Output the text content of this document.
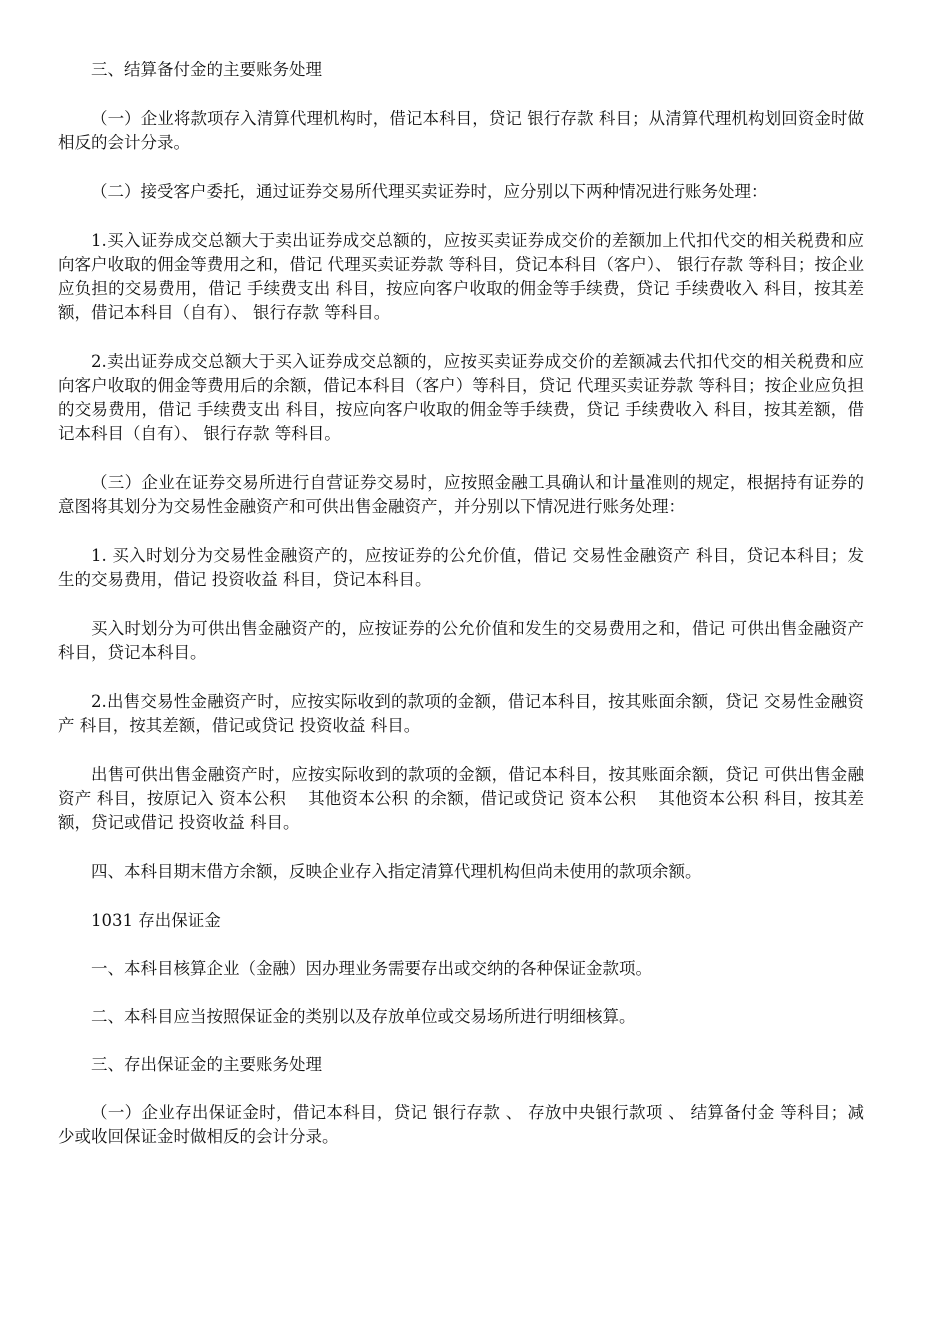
三、结算备付金的主要账务处理

（一）企业将款项存入清算代理机构时，借记本科目，贷记 银行存款 科目；从清算代理机构划回资金时做相反的会计分录。

（二）接受客户委托，通过证券交易所代理买卖证券时，应分别以下两种情况进行账务处理：

1.买入证券成交总额大于卖出证券成交总额的，应按买卖证券成交价的差额加上代扣代交的相关税费和应向客户收取的佣金等费用之和，借记 代理买卖证券款 等科目，贷记本科目（客户）、 银行存款 等科目；按企业应负担的交易费用，借记 手续费支出 科目，按应向客户收取的佣金等手续费，贷记 手续费收入 科目，按其差额，借记本科目（自有）、 银行存款 等科目。

2.卖出证券成交总额大于买入证券成交总额的，应按买卖证券成交价的差额减去代扣代交的相关税费和应向客户收取的佣金等费用后的余额，借记本科目（客户）等科目，贷记 代理买卖证券款 等科目；按企业应负担的交易费用，借记 手续费支出 科目，按应向客户收取的佣金等手续费，贷记 手续费收入 科目，按其差额，借记本科目（自有）、 银行存款 等科目。

（三）企业在证券交易所进行自营证券交易时，应按照金融工具确认和计量准则的规定，根据持有证券的意图将其划分为交易性金融资产和可供出售金融资产，并分别以下情况进行账务处理：

1. 买入时划分为交易性金融资产的，应按证券的公允价值，借记 交易性金融资产 科目，贷记本科目；发生的交易费用，借记 投资收益 科目，贷记本科目。

买入时划分为可供出售金融资产的，应按证券的公允价值和发生的交易费用之和，借记 可供出售金融资产 科目，贷记本科目。

2.出售交易性金融资产时，应按实际收到的款项的金额，借记本科目，按其账面余额，贷记 交易性金融资产 科目，按其差额，借记或贷记 投资收益 科目。

出售可供出售金融资产时，应按实际收到的款项的金额，借记本科目，按其账面余额，贷记 可供出售金融资产 科目，按原记入 资本公积　 其他资本公积 的余额，借记或贷记 资本公积　 其他资本公积 科目，按其差额，贷记或借记 投资收益 科目。

四、本科目期末借方余额，反映企业存入指定清算代理机构但尚未使用的款项余额。

1031 存出保证金

一、本科目核算企业（金融）因办理业务需要存出或交纳的各种保证金款项。

二、本科目应当按照保证金的类别以及存放单位或交易场所进行明细核算。

三、存出保证金的主要账务处理

（一）企业存出保证金时，借记本科目，贷记 银行存款 、 存放中央银行款项 、 结算备付金 等科目；减少或收回保证金时做相反的会计分录。
